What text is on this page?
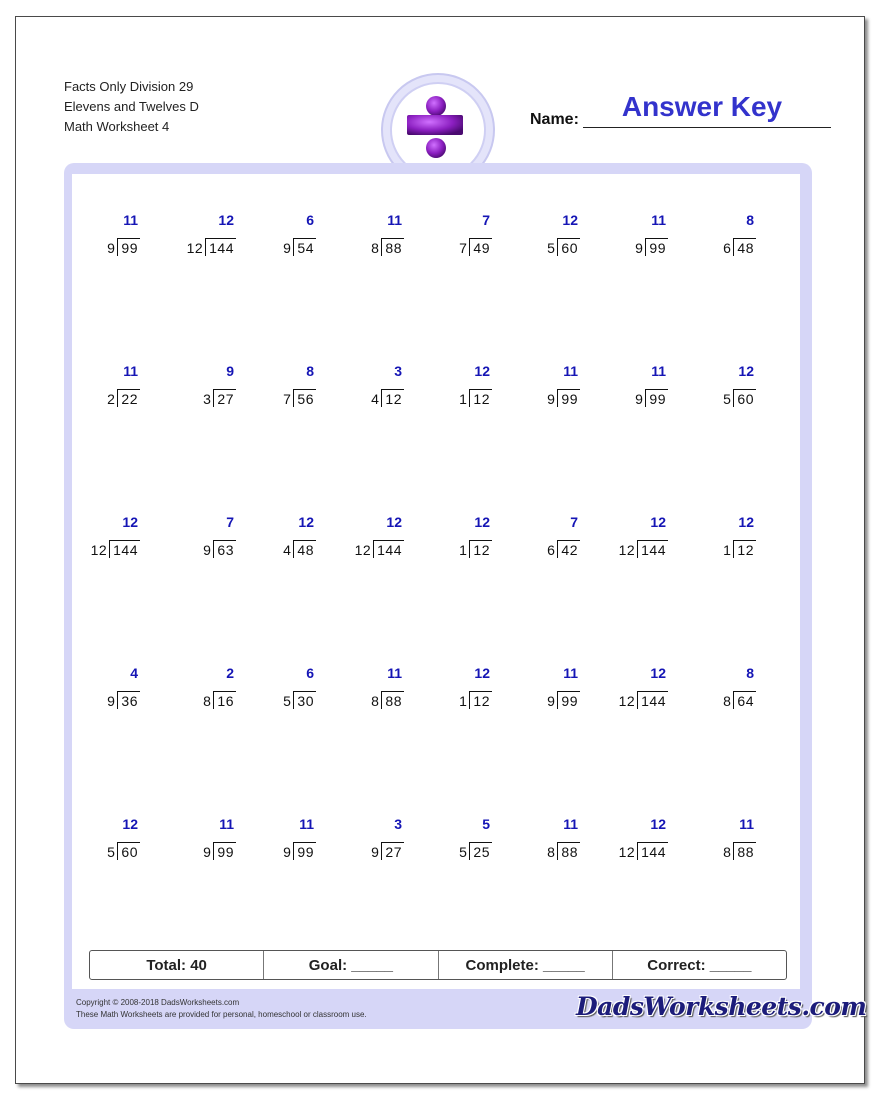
Facts Only Division 29
Elevens and Twelves D
Math Worksheet 4	Name:	Answer Key
11
9 99
12
12 144
6
9 54
11
8 88
7
7 49
12
5 60
11
9 99
8
6 48
11
2 22
9
3 27
8
7 56
3
4 12
12
1 12
11
9 99
11
9 99
12
5 60
12
12 144
7
9 63
12
4 48
12
12 144
12
1 12
7
6 42
12
12 144
12
1 12
4
9 36
2
8 16
6
5 30
11
8 88
12
1 12
11
9 99
12
12 144
8
8 64
12
5 60
11
9 99
11
9 99
3
9 27
5
5 25
11
8 88
12
12 144
11
8 88
Total: 40	Goal: _____	Complete: _____	Correct: _____
Copyright © 2008-2018 DadsWorksheets.com
These Math Worksheets are provided for personal, homeschool or classroom use.	DadsWorksheets.com
